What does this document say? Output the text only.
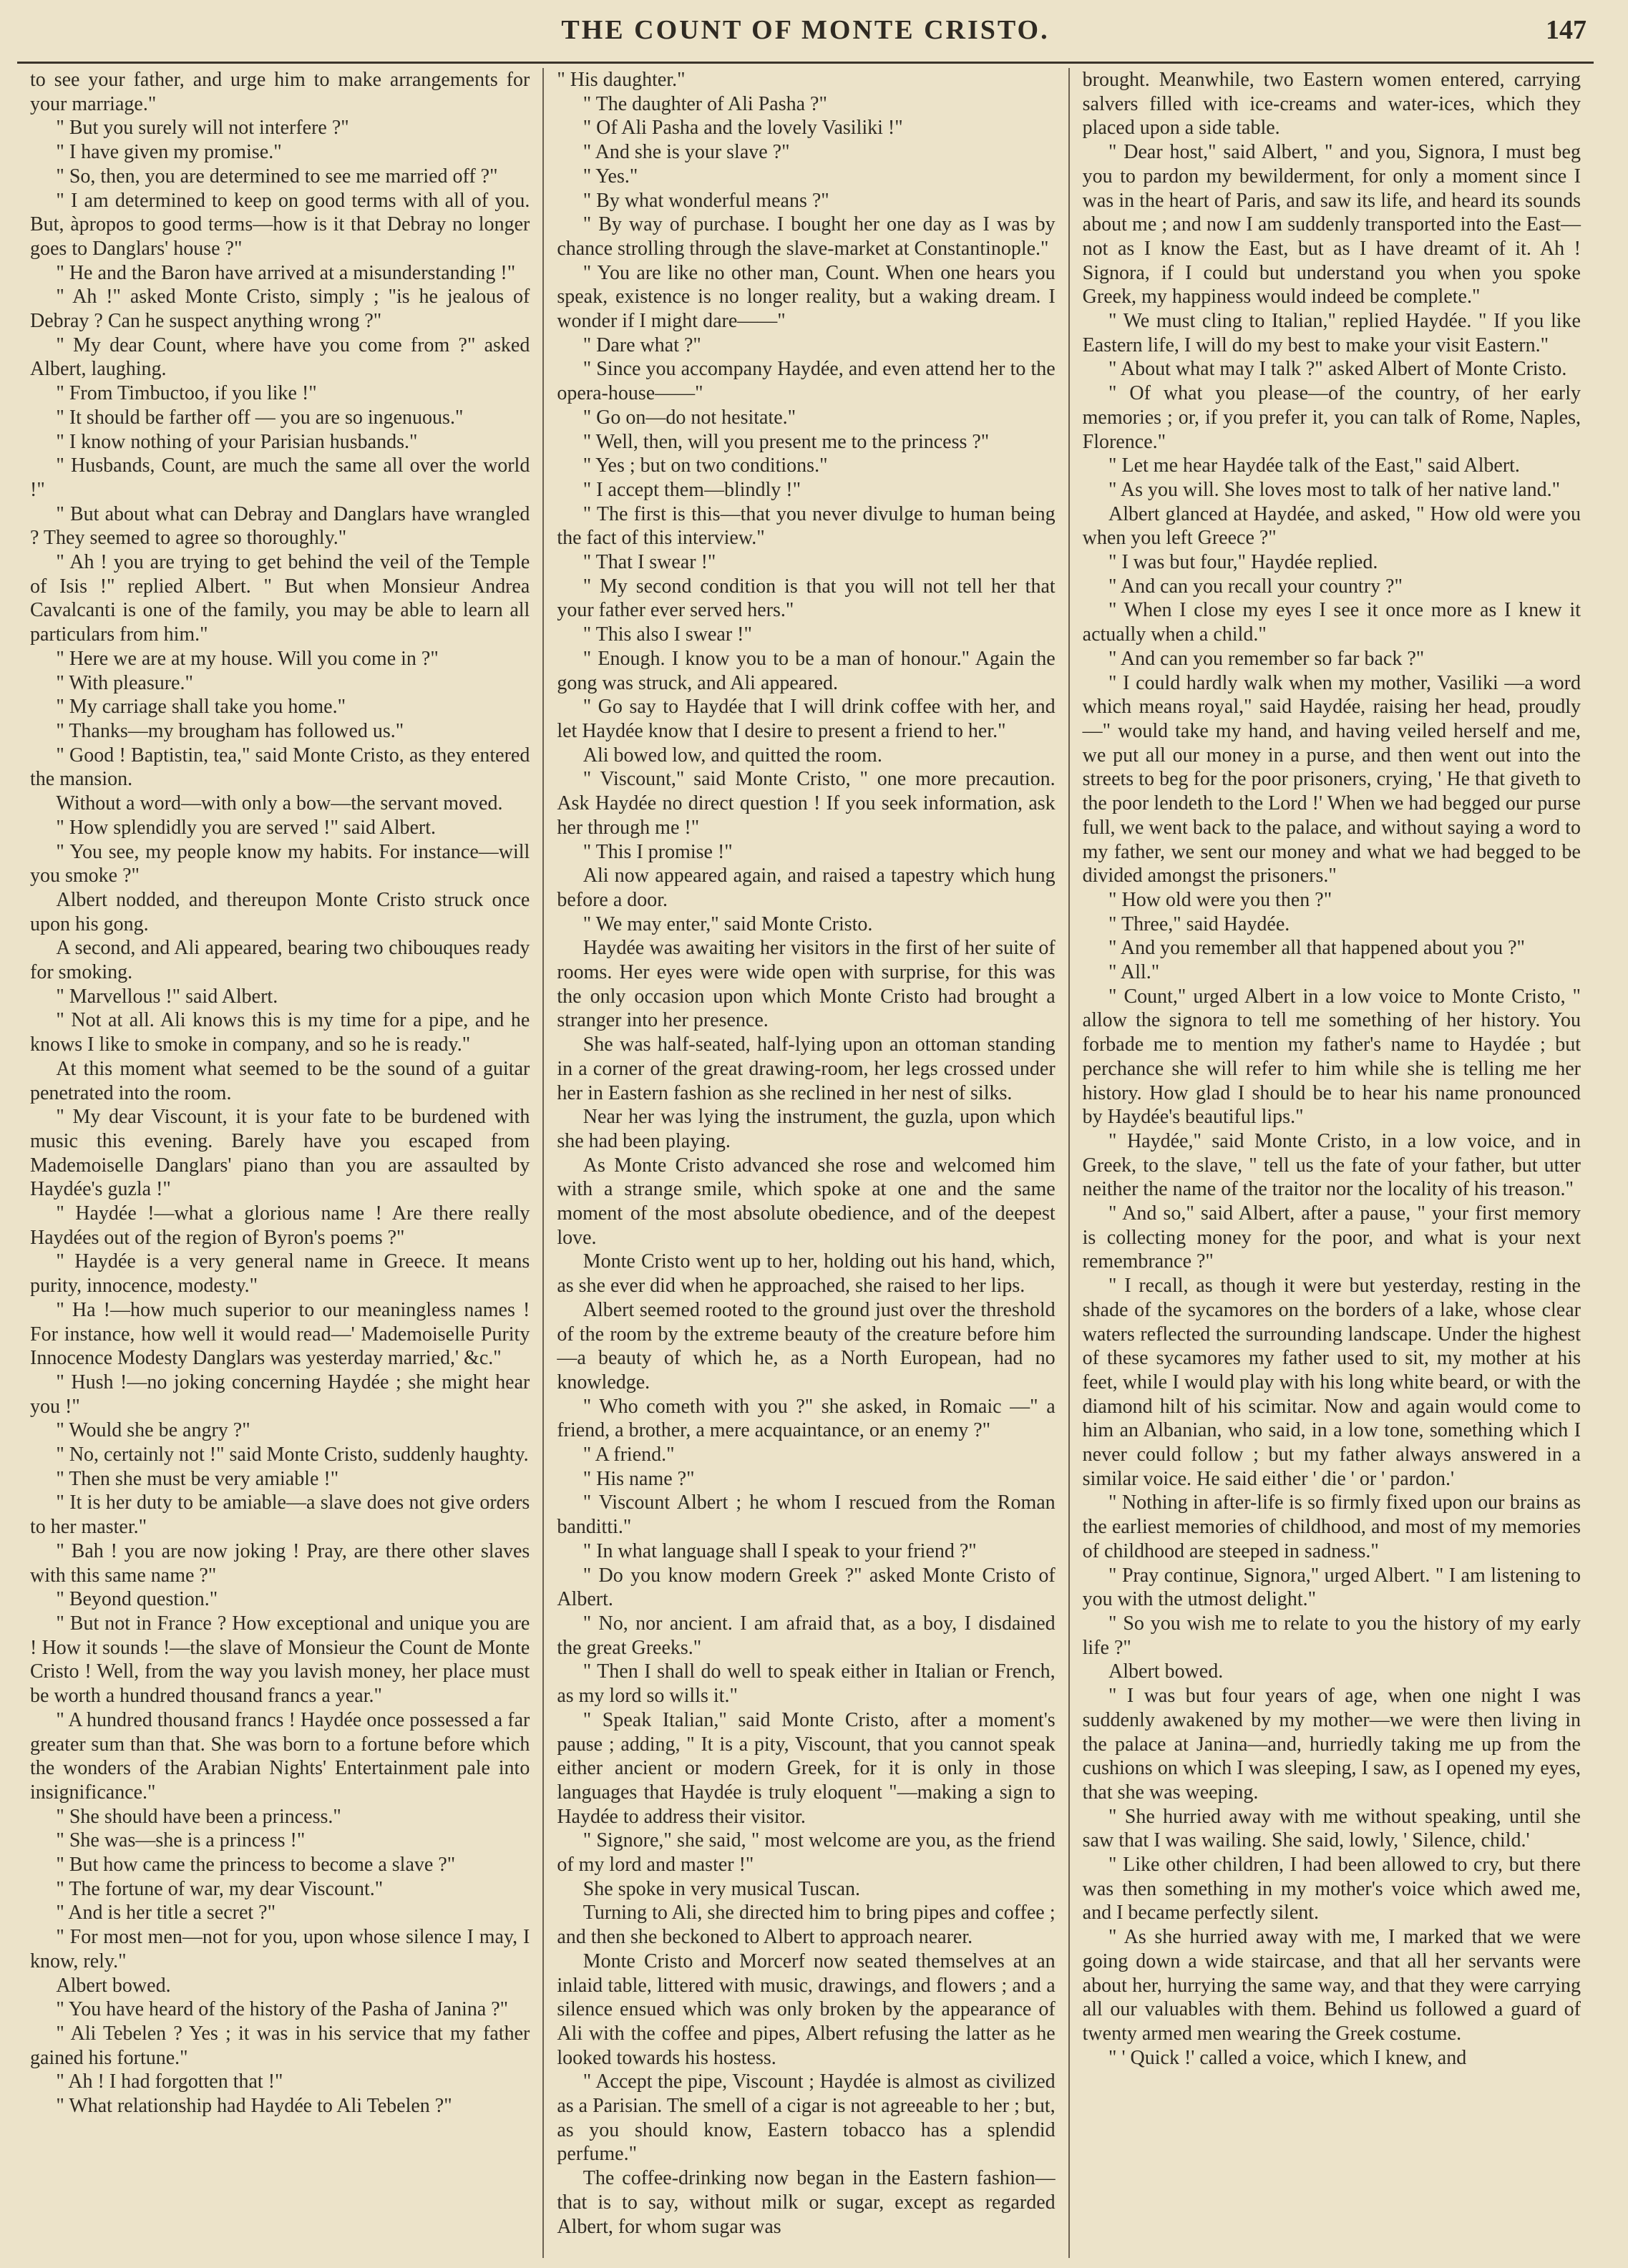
THE COUNT OF MONTE CRISTO.	147

to see your father, and urge him to make arrangements for your marriage."

" But you surely will not interfere ?"

" I have given my promise."

" So, then, you are determined to see me married off ?"

" I am determined to keep on good terms with all of you. But, àpropos to good terms—how is it that Debray no longer goes to Danglars' house ?"

" He and the Baron have arrived at a misunderstanding !"

" Ah !" asked Monte Cristo, simply ; "is he jealous of Debray ? Can he suspect anything wrong ?"

" My dear Count, where have you come from ?" asked Albert, laughing.

" From Timbuctoo, if you like !"

" It should be farther off — you are so ingenuous."

" I know nothing of your Parisian husbands."

" Husbands, Count, are much the same all over the world !"

" But about what can Debray and Danglars have wrangled ? They seemed to agree so thoroughly."

" Ah ! you are trying to get behind the veil of the Temple of Isis !" replied Albert. " But when Monsieur Andrea Cavalcanti is one of the family, you may be able to learn all particulars from him."

" Here we are at my house. Will you come in ?"

" With pleasure."

" My carriage shall take you home."

" Thanks—my brougham has followed us."

" Good ! Baptistin, tea," said Monte Cristo, as they entered the mansion.

Without a word—with only a bow—the servant moved.

" How splendidly you are served !" said Albert.

" You see, my people know my habits. For instance—will you smoke ?"

Albert nodded, and thereupon Monte Cristo struck once upon his gong.

A second, and Ali appeared, bearing two chibouques ready for smoking.

" Marvellous !" said Albert.

" Not at all. Ali knows this is my time for a pipe, and he knows I like to smoke in company, and so he is ready."

At this moment what seemed to be the sound of a guitar penetrated into the room.

" My dear Viscount, it is your fate to be burdened with music this evening. Barely have you escaped from Mademoiselle Danglars' piano than you are assaulted by Haydée's guzla !"

" Haydée !—what a glorious name ! Are there really Haydées out of the region of Byron's poems ?"

" Haydée is a very general name in Greece. It means purity, innocence, modesty."

" Ha !—how much superior to our meaningless names ! For instance, how well it would read—' Mademoiselle Purity Innocence Modesty Danglars was yesterday married,' &c."

" Hush !—no joking concerning Haydée ; she might hear you !"

" Would she be angry ?"

" No, certainly not !" said Monte Cristo, suddenly haughty.

" Then she must be very amiable !"

" It is her duty to be amiable—a slave does not give orders to her master."

" Bah ! you are now joking ! Pray, are there other slaves with this same name ?"

" Beyond question."

" But not in France ? How exceptional and unique you are ! How it sounds !—the slave of Monsieur the Count de Monte Cristo ! Well, from the way you lavish money, her place must be worth a hundred thousand francs a year."

" A hundred thousand francs ! Haydée once possessed a far greater sum than that. She was born to a fortune before which the wonders of the Arabian Nights' Entertainment pale into insignificance."

" She should have been a princess."

" She was—she is a princess !"

" But how came the princess to become a slave ?"

" The fortune of war, my dear Viscount."

" And is her title a secret ?"

" For most men—not for you, upon whose silence I may, I know, rely."

Albert bowed.

" You have heard of the history of the Pasha of Janina ?"

" Ali Tebelen ? Yes ; it was in his service that my father gained his fortune."

" Ah ! I had forgotten that !"

" What relationship had Haydée to Ali Tebelen ?"

" His daughter."

" The daughter of Ali Pasha ?"

" Of Ali Pasha and the lovely Vasiliki !"

" And she is your slave ?"

" Yes."

" By what wonderful means ?"

" By way of purchase. I bought her one day as I was by chance strolling through the slave-market at Constantinople."

" You are like no other man, Count. When one hears you speak, existence is no longer reality, but a waking dream. I wonder if I might dare——"

" Dare what ?"

" Since you accompany Haydée, and even attend her to the opera-house——"

" Go on—do not hesitate."

" Well, then, will you present me to the princess ?"

" Yes ; but on two conditions."

" I accept them—blindly !"

" The first is this—that you never divulge to human being the fact of this interview."

" That I swear !"

" My second condition is that you will not tell her that your father ever served hers."

" This also I swear !"

" Enough. I know you to be a man of honour." Again the gong was struck, and Ali appeared.

" Go say to Haydée that I will drink coffee with her, and let Haydée know that I desire to present a friend to her."

Ali bowed low, and quitted the room.

" Viscount," said Monte Cristo, " one more precaution. Ask Haydée no direct question ! If you seek information, ask her through me !"

" This I promise !"

Ali now appeared again, and raised a tapestry which hung before a door.

" We may enter," said Monte Cristo.

Haydée was awaiting her visitors in the first of her suite of rooms. Her eyes were wide open with surprise, for this was the only occasion upon which Monte Cristo had brought a stranger into her presence.

She was half-seated, half-lying upon an ottoman standing in a corner of the great drawing-room, her legs crossed under her in Eastern fashion as she reclined in her nest of silks.

Near her was lying the instrument, the guzla, upon which she had been playing.

As Monte Cristo advanced she rose and welcomed him with a strange smile, which spoke at one and the same moment of the most absolute obedience, and of the deepest love.

Monte Cristo went up to her, holding out his hand, which, as she ever did when he approached, she raised to her lips.

Albert seemed rooted to the ground just over the threshold of the room by the extreme beauty of the creature before him—a beauty of which he, as a North European, had no knowledge.

" Who cometh with you ?" she asked, in Romaic —" a friend, a brother, a mere acquaintance, or an enemy ?"

" A friend."

" His name ?"

" Viscount Albert ; he whom I rescued from the Roman banditti."

" In what language shall I speak to your friend ?"

" Do you know modern Greek ?" asked Monte Cristo of Albert.

" No, nor ancient. I am afraid that, as a boy, I disdained the great Greeks."

" Then I shall do well to speak either in Italian or French, as my lord so wills it."

" Speak Italian," said Monte Cristo, after a moment's pause ; adding, " It is a pity, Viscount, that you cannot speak either ancient or modern Greek, for it is only in those languages that Haydée is truly eloquent "—making a sign to Haydée to address their visitor.

" Signore," she said, " most welcome are you, as the friend of my lord and master !"

She spoke in very musical Tuscan.

Turning to Ali, she directed him to bring pipes and coffee ; and then she beckoned to Albert to approach nearer.

Monte Cristo and Morcerf now seated themselves at an inlaid table, littered with music, drawings, and flowers ; and a silence ensued which was only broken by the appearance of Ali with the coffee and pipes, Albert refusing the latter as he looked towards his hostess.

" Accept the pipe, Viscount ; Haydée is almost as civilized as a Parisian. The smell of a cigar is not agreeable to her ; but, as you should know, Eastern tobacco has a splendid perfume."

The coffee-drinking now began in the Eastern fashion—that is to say, without milk or sugar, except as regarded Albert, for whom sugar was

brought. Meanwhile, two Eastern women entered, carrying salvers filled with ice-creams and water-ices, which they placed upon a side table.

" Dear host," said Albert, " and you, Signora, I must beg you to pardon my bewilderment, for only a moment since I was in the heart of Paris, and saw its life, and heard its sounds about me ; and now I am suddenly transported into the East—not as I know the East, but as I have dreamt of it. Ah ! Signora, if I could but understand you when you spoke Greek, my happiness would indeed be complete."

" We must cling to Italian," replied Haydée. " If you like Eastern life, I will do my best to make your visit Eastern."

" About what may I talk ?" asked Albert of Monte Cristo.

" Of what you please—of the country, of her early memories ; or, if you prefer it, you can talk of Rome, Naples, Florence."

" Let me hear Haydée talk of the East," said Albert.

" As you will. She loves most to talk of her native land."

Albert glanced at Haydée, and asked, " How old were you when you left Greece ?"

" I was but four," Haydée replied.

" And can you recall your country ?"

" When I close my eyes I see it once more as I knew it actually when a child."

" And can you remember so far back ?"

" I could hardly walk when my mother, Vasiliki —a word which means royal," said Haydée, raising her head, proudly—" would take my hand, and having veiled herself and me, we put all our money in a purse, and then went out into the streets to beg for the poor prisoners, crying, ' He that giveth to the poor lendeth to the Lord !' When we had begged our purse full, we went back to the palace, and without saying a word to my father, we sent our money and what we had begged to be divided amongst the prisoners."

" How old were you then ?"

" Three," said Haydée.

" And you remember all that happened about you ?"

" All."

" Count," urged Albert in a low voice to Monte Cristo, " allow the signora to tell me something of her history. You forbade me to mention my father's name to Haydée ; but perchance she will refer to him while she is telling me her history. How glad I should be to hear his name pronounced by Haydée's beautiful lips."

" Haydée," said Monte Cristo, in a low voice, and in Greek, to the slave, " tell us the fate of your father, but utter neither the name of the traitor nor the locality of his treason."

" And so," said Albert, after a pause, " your first memory is collecting money for the poor, and what is your next remembrance ?"

" I recall, as though it were but yesterday, resting in the shade of the sycamores on the borders of a lake, whose clear waters reflected the surrounding landscape. Under the highest of these sycamores my father used to sit, my mother at his feet, while I would play with his long white beard, or with the diamond hilt of his scimitar. Now and again would come to him an Albanian, who said, in a low tone, something which I never could follow ; but my father always answered in a similar voice. He said either ' die ' or ' pardon.'

" Nothing in after-life is so firmly fixed upon our brains as the earliest memories of childhood, and most of my memories of childhood are steeped in sadness."

" Pray continue, Signora," urged Albert. " I am listening to you with the utmost delight."

" So you wish me to relate to you the history of my early life ?"

Albert bowed.

" I was but four years of age, when one night I was suddenly awakened by my mother—we were then living in the palace at Janina—and, hurriedly taking me up from the cushions on which I was sleeping, I saw, as I opened my eyes, that she was weeping.

" She hurried away with me without speaking, until she saw that I was wailing. She said, lowly, ' Silence, child.'

" Like other children, I had been allowed to cry, but there was then something in my mother's voice which awed me, and I became perfectly silent.

" As she hurried away with me, I marked that we were going down a wide staircase, and that all her servants were about her, hurrying the same way, and that they were carrying all our valuables with them. Behind us followed a guard of twenty armed men wearing the Greek costume.

" ' Quick !' called a voice, which I knew, and
